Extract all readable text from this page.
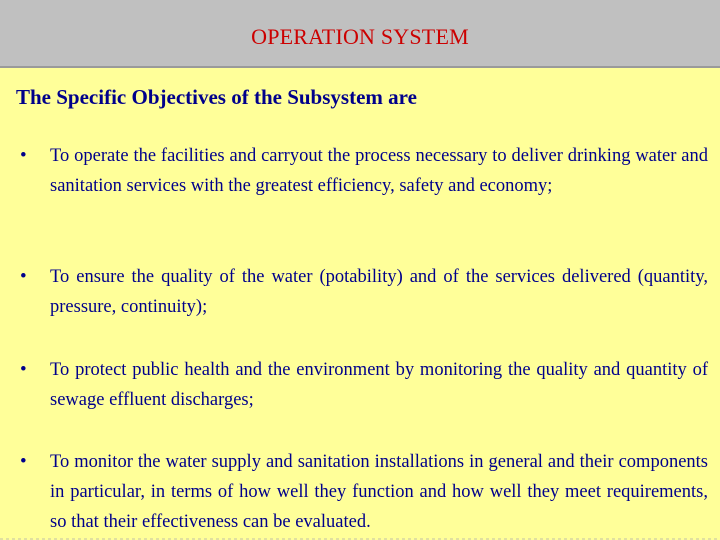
OPERATION SYSTEM
The Specific Objectives of the Subsystem are
• To operate the facilities and carryout the process necessary to deliver drinking water and sanitation services with the greatest efficiency, safety and economy;
• To ensure the quality of the water (potability) and of the services delivered (quantity, pressure, continuity);
• To protect public health and the environment by monitoring the quality and quantity of sewage effluent discharges;
• To monitor the water supply and sanitation installations in general and their components in particular, in terms of how well they function and how well they meet requirements, so that their effectiveness can be evaluated.
